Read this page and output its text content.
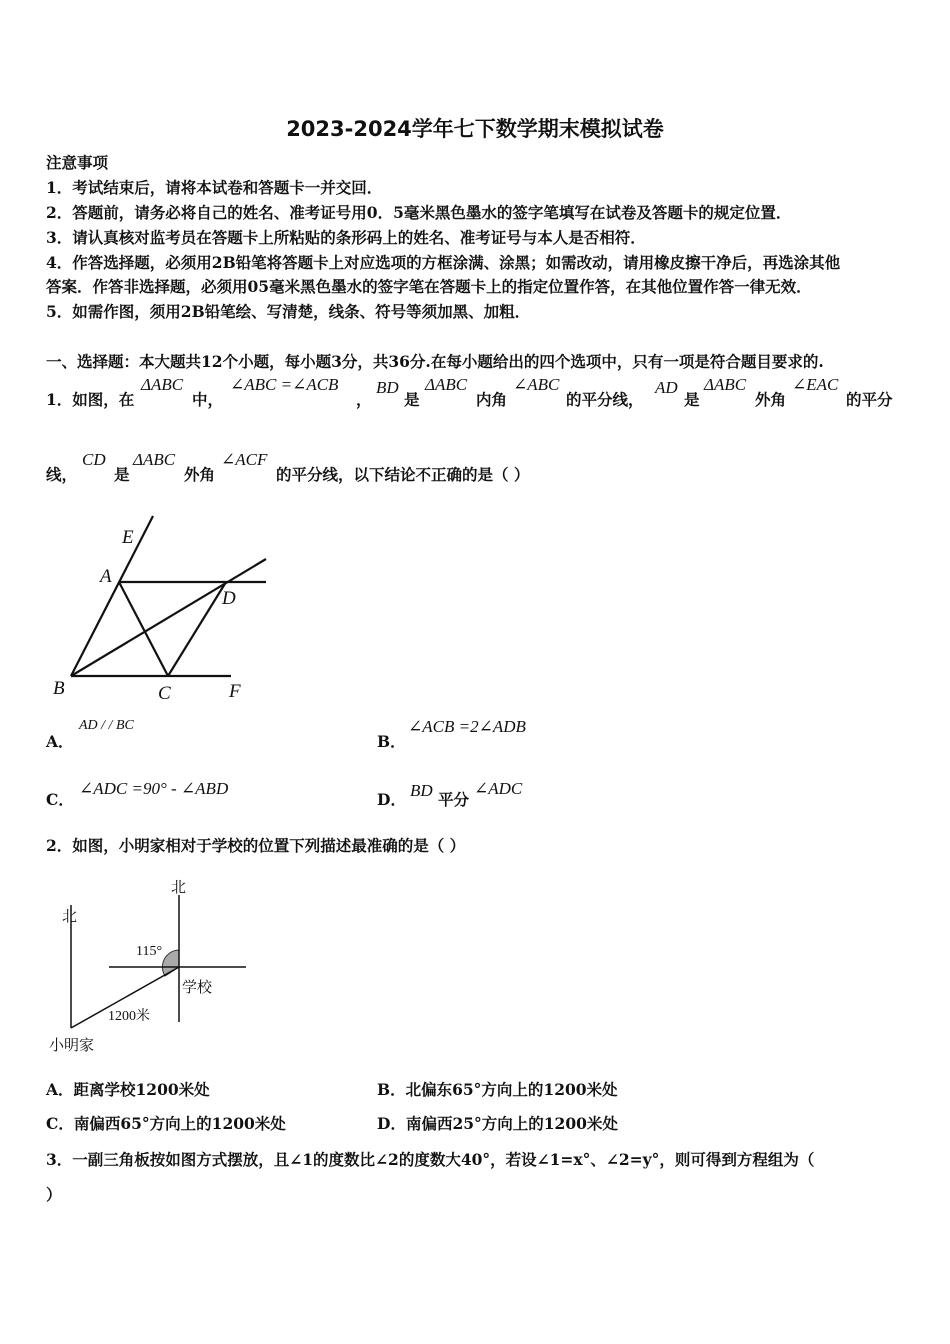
2023-2024学年七下数学期末模拟试卷
注意事项
1．考试结束后，请将本试卷和答题卡一并交回．
2．答题前，请务必将自己的姓名、准考证号用0．5毫米黑色墨水的签字笔填写在试卷及答题卡的规定位置．
3．请认真核对监考员在答题卡上所粘贴的条形码上的姓名、准考证号与本人是否相符．
4．作答选择题，必须用2B铅笔将答题卡上对应选项的方框涂满、涂黑；如需改动，请用橡皮擦干净后，再选涂其他
答案．作答非选择题，必须用05毫米黑色墨水的签字笔在答题卡上的指定位置作答，在其他位置作答一律无效．
5．如需作图，须用2B铅笔绘、写清楚，线条、符号等须加黑、加粗．
一、选择题：本大题共12个小题，每小题3分，共36分.在每小题给出的四个选项中，只有一项是符合题目要求的.
1．如图，在
ΔABC
中，
∠ABC =∠ACB
，
BD
是
ΔABC
内角
∠ABC
的平分线，
AD
是
ΔABC
外角
∠EAC
的平分
线，
CD
是
ΔABC
外角
∠ACF
的平分线，以下结论不正确的是（ ）
E
A
D
B	C	F
A．
AD / / BC
B．
∠ACB =2∠ADB
C．
∠ADC =90° - ∠ABD
D． BD 平分
∠ADC
2．如图，小明家相对于学校的位置下列描述最准确的是（ ）
北
北
学校
小明家
115°
1200米
A．距离学校1200米处	B．北偏东65°方向上的1200米处
C．南偏西65°方向上的1200米处	D．南偏西25°方向上的1200米处
3．一副三角板按如图方式摆放，且∠1的度数比∠2的度数大40°，若设∠1=x°、∠2=y°，则可得到方程组为（
）
